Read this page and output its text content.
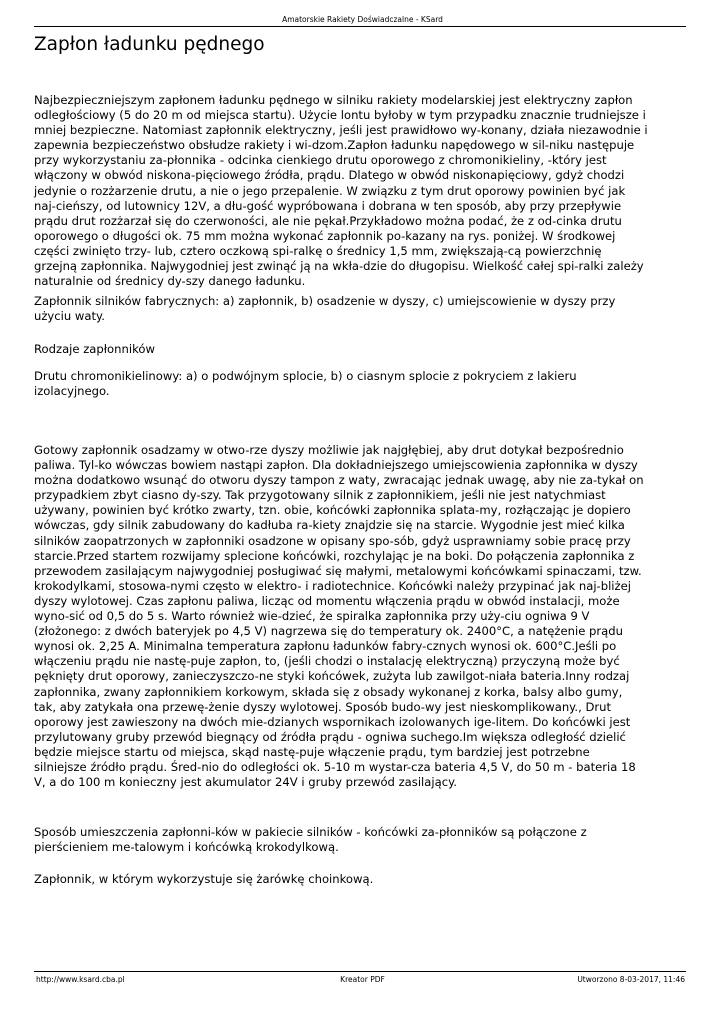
Amatorskie Rakiety Doświadczalne - KSard
Zapłon ładunku pędnego

Najbezpieczniejszym zapłonem ładunku pędnego w silniku rakiety modelarskiej jest elektryczny zapłon
odległościowy (5 do 20 m od miejsca startu). Użycie lontu byłoby w tym przypadku znacznie trudniejsze i
mniej bezpieczne. Natomiast zapłonnik elektryczny, jeśli jest prawidłowo wy-konany, działa niezawodnie i
zapewnia bezpieczeństwo obsłudze rakiety i wi-dzom.Zapłon ładunku napędowego w sil-niku następuje
przy wykorzystaniu za-płonnika - odcinka cienkiego drutu oporowego z chromonikieliny, -który jest
włączony w obwód niskona-pięciowego źródła, prądu. Dlatego w obwód niskonapięciowy, gdyż chodzi
jedynie o rozżarzenie drutu, a nie o jego przepalenie. W związku z tym drut oporowy powinien być jak
naj-cieńszy, od lutownicy 12V, a dłu-gość wypróbowana i dobrana w ten sposób, aby przy przepływie
prądu drut rozżarzał się do czerwoności, ale nie pękał.Przykładowo można podać, że z od-cinka drutu
oporowego o długości ok. 75 mm można wykonać zapłonnik po-kazany na rys. poniżej. W środkowej
części zwinięto trzy- lub, cztero oczkową spi-ralkę o średnicy 1,5 mm, zwiększają-cą powierzchnię
grzejną zapłonnika. Najwygodniej jest zwinąć ją na wkła-dzie do długopisu. Wielkość całej spi-ralki zależy
naturalnie od średnicy dy-szy danego ładunku.

Zapłonnik silników fabrycznych: a) zapłonnik, b) osadzenie w dyszy, c) umiejscowienie w dyszy przy
użyciu waty.

Rodzaje zapłonników

Drutu chromonikielinowy: a) o podwójnym splocie, b) o ciasnym splocie z pokryciem z lakieru
izolacyjnego.

Gotowy zapłonnik osadzamy w otwo-rze dyszy możliwie jak najgłębiej, aby drut dotykał bezpośrednio
paliwa. Tyl-ko wówczas bowiem nastąpi zapłon. Dla dokładniejszego umiejscowienia zapłonnika w dyszy
można dodatkowo wsunąć do otworu dyszy tampon z waty, zwracając jednak uwagę, aby nie za-tykał on
przypadkiem zbyt ciasno dy-szy. Tak przygotowany silnik z zapłonnikiem, jeśli nie jest natychmiast
używany, powinien być krótko zwarty, tzn. obie, końcówki zapłonnika splata-my, rozłączając je dopiero
wówczas, gdy silnik zabudowany do kadłuba ra-kiety znajdzie się na starcie. Wygodnie jest mieć kilka
silników zaopatrzonych w zapłonniki osadzone w opisany spo-sób, gdyż usprawniamy sobie pracę przy
starcie.Przed startem rozwijamy splecione końcówki, rozchylając je na boki. Do połączenia zapłonnika z
przewodem zasilającym najwygodniej posługiwać się małymi, metalowymi końcówkami spinaczami, tzw.
krokodylkami, stosowa-nymi często w elektro- i radiotechnice. Końcówki należy przypinać jak naj-bliżej
dyszy wylotowej. Czas zapłonu paliwa, licząc od momentu włączenia prądu w obwód instalacji, może
wyno-sić od 0,5 do 5 s. Warto również wie-dzieć, że spiralka zapłonnika przy uży-ciu ogniwa 9 V
(złożonego: z dwóch bateryjek po 4,5 V) nagrzewa się do temperatury ok. 2400°C, a natężenie prądu
wynosi ok. 2,25 A. Minimalna temperatura zapłonu ładunków fabry-cznych wynosi ok. 600°C.Jeśli po
włączeniu prądu nie nastę-puje zapłon, to, (jeśli chodzi o instalację elektryczną) przyczyną może być
pęknięty drut oporowy, zanieczyszczo-ne styki końcówek, zużyta lub zawilgot-niała bateria.Inny rodzaj
zapłonnika, zwany zapłonnikiem korkowym, składa się z obsady wykonanej z korka, balsy albo gumy,
tak, aby zatykała ona przewę-żenie dyszy wylotowej. Sposób budo-wy jest nieskomplikowany., Drut
oporowy jest zawieszony na dwóch mie-dzianych wspornikach izolowanych ige-litem. Do końcówki jest
przylutowany gruby przewód biegnący od źródła prądu - ogniwa suchego.Im większa odległość dzielić
będzie miejsce startu od miejsca, skąd nastę-puje włączenie prądu, tym bardziej jest potrzebne
silniejsze źródło prądu. Śred-nio do odległości ok. 5-10 m wystar-cza bateria 4,5 V, do 50 m - bateria 18
V, a do 100 m konieczny jest akumulator 24V i gruby przewód zasilający.

Sposób umieszczenia zapłonni-ków w pakiecie silników - końcówki za-płonników są połączone z
pierścieniem me-talowym i końcówką krokodylkową.

Zapłonnik, w którym wykorzystuje się żarówkę choinkową.

http://www.ksard.cba.pl	Kreator PDF	Utworzono 8-03-2017, 11:46
